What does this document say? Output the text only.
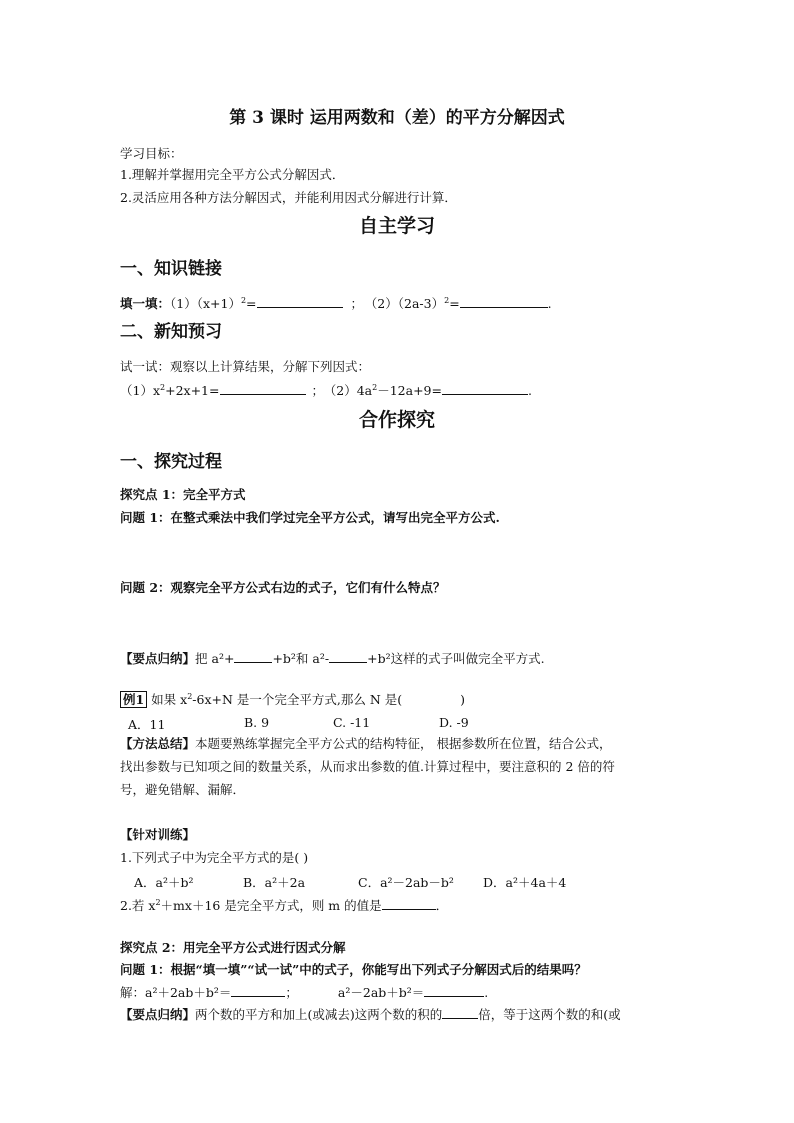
第 3 课时 运用两数和（差）的平方分解因式
学习目标：
1.理解并掌握用完全平方公式分解因式．
2.灵活应用各种方法分解因式，并能利用因式分解进行计算．
自主学习
一、知识链接
填一填：$(1)(x+1)^2=$	； $(2)(2a-3)^2=$	.
二、新知预习
试一试：观察以上计算结果，分解下列因式：
$(1)x^2+2x+1=$	； $(2)4a^2-12a+9=$	.
合作探究
一、探究过程
探究点 1：完全平方式
问题 1：在整式乘法中我们学过完全平方公式，请写出完全平方公式.
问题 2：观察完全平方公式右边的式子，它们有什么特点？
【要点归纳】把 a²+	+b²和 a²-	+b²这样的式子叫做完全平方式.
例1 如果 $x^2-6x+N$ 是一个完全平方式,那么 N 是(	)
A．11	B. 9	C. -11	D. -9
【方法总结】本题要熟练掌握完全平方公式的结构特征， 根据参数所在位置，结合公式，
找出参数与已知项之间的数量关系，从而求出参数的值.计算过程中，要注意积的 2 倍的符
号，避免错解、漏解．
【针对训练】
1.下列式子中为完全平方式的是( )
A．a²＋b²	B．a²＋2a	C．a²－2ab－b² D．a²＋4a＋4
2.若 $x^2+mx+16$ 是完全平方式，则 m 的值是	．
探究点 2：用完全平方公式进行因式分解
问题 1：根据“填一填”“试一试”中的式子，你能写出下列式子分解因式后的结果吗？
解：a²＋2ab＋b²＝	；	a²－2ab＋b²＝	.
【要点归纳】两个数的平方和加上(或减去)这两个数的积的	倍，等于这两个数的和(或
